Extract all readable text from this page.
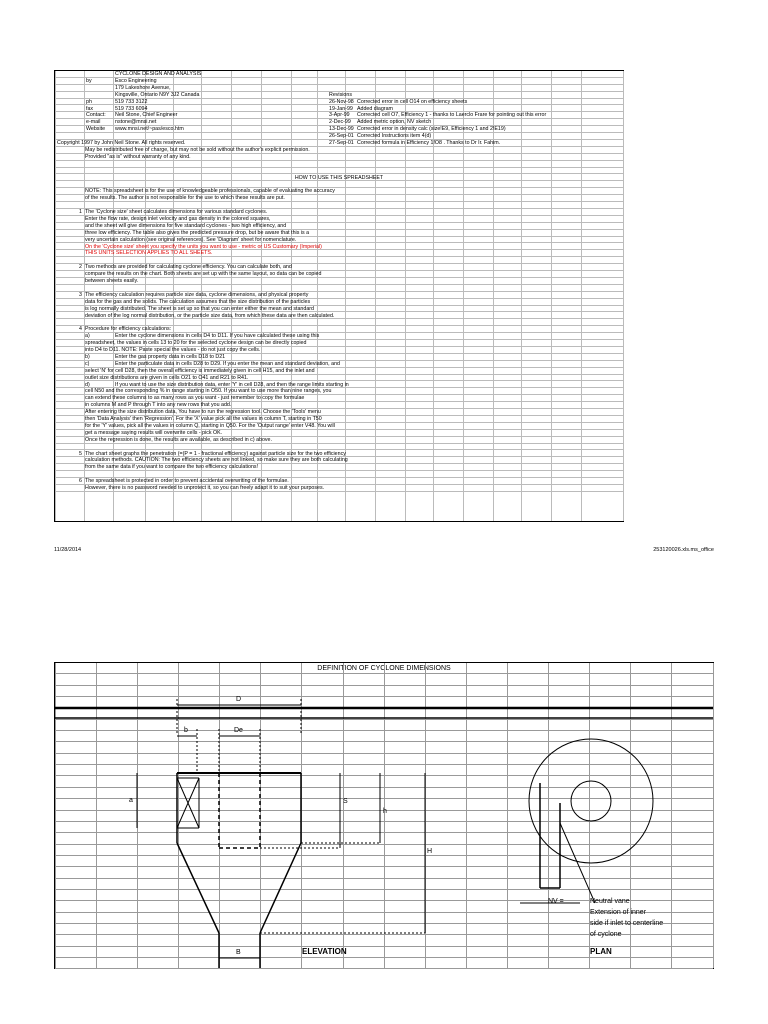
CYCLONE DESIGN AND ANALYSIS
by	Esco Engineering
179 Lakeshore Avenue,
Kingsville, Ontario N9Y 3J2 Canada	Revisions
ph	519 733 3122	26-Nov-98 Corrected error in cell O14 on efficiency sheets
fax	519 733 6094	19-Jan-99 Added diagram
Contact: Neil Stone, Chief Engineer	3-Apr-99 Corrected cell O7, Efficiency 1 - thanks to Laerclo Frare for pointing out this error
e-mail	nstone@mnsi.net	2-Dec-99 Added metric option, NV sketch
Website www.mnsi.net/~pas/esco.htm	13-Dec-99 Corrected error in density calc (size!E9, Efficiency 1 and 2!E19)
26-Sep-01 Corrected Instructions item 4(d)
Copyright 1997 by John Neil Stone. All rights reserved.	27-Sep-01 Corrected formula in Efficiency 1!O8 . Thanks to Dr Ir. Fahim.
May be redistributed free of charge, but may not be sold without the author's explicit permission.
Provided "as is" without warranty of any kind.
HOW TO USE THIS SPREADSHEET
NOTE: This spreadsheet is for the use of knowledgeable professionals, capable of evaluating the accuracy
of the results. The author is not responsible for the use to which these results are put.
1 The 'Cyclone size' sheet calculates dimensions for various standard cyclones.
Enter the flow rate, design inlet velocity and gas density in the colored squares,
and the sheet will give dimensions for five standard cyclones - two high efficiency, and
three low efficiency. The table also gives the predicted pressure drop, but be aware that this is a
very uncertain calculation (see original references). See 'Diagram' sheet for nomenclature.
On the 'Cyclone size' sheet you specify the units you want to use - metric or US Customary (Imperial)
THIS UNITS SELECTION APPLIES TO ALL SHEETS.
2 Two methods are provided for calculating cyclone efficiency. You can calculate both, and
compare the results on the chart. Both sheets are set up with the same layout, so data can be copied
between sheets easily.
3 The efficiency calculation requires particle size data, cyclone dimensions, and physical property
data for the gas and the solids. The calculation assumes that the size distribution of the particles
is log normally distributed. The sheet is set up so that you can enter either the mean and standard
deviation of the log normal distribution, or the particle size data, from which these data are then calculated.
4 Procedure for efficiency calculations:
a)	Enter the cyclone dimensions in cells D4 to D11. If you have calculated these using this
spreadsheet, the values in cells 13 to 20 for the selected cyclone design can be directly copied
into D4 to D11. NOTE: Paste special the values - do not just copy the cells.
b)	Enter the gas property data in cells D18 to D21
c)	Enter the particulate data in cells D28 to D29. If you enter the mean and standard deviation, and
select 'N' for cell D28, then the overall efficiency is immediately given in cell H15, and the inlet and
outlet size distributions are given in cells O21 to O41 and R21 to R41.
d)	If you want to use the size distribution data, enter 'Y' in cell D28, and then the range limits starting in
cell N50 and the corresponding % in range starting in O50. If you want to use more than nine ranges, you
can extend these columns to as many rows as you want - just remember to copy the formulae
in columns M and P through T into any new rows that you add.
After entering the size distribution data, You have to run the regression tool. Choose the 'Tools' menu
then 'Data Analysis' then 'Regression'. For the 'X' value pick all the values in column T, starting in T50
for the 'Y' values, pick all the values in column Q, starting in Q50. For the 'Output range' enter V48. You will
get a message saying results will overwrite cells - pick OK.
Once the regression is done, the results are available, as described in c) above.
5 The chart sheet graphs the penetration (=(P = 1 - fractional efficiency) against particle size for the two efficiency
calculation methods. CAUTION: The two efficiency sheets are not linked, so make sure they are both calculating
from the same data if you want to compare the two efficiency calculations!
6 The spreadsheet is protected in order to prevent accidental overwriting of the formulae.
However, there is no password needed to unprotect it, so you can freely adapt it to suit your purposes.
11/28/2014	253120026.xls.ms_office
DEFINITION OF CYCLONE DIMENSIONS
D
b	De
a	S
h
H
B	ELEVATION	PLAN
NV =	Neutral vane
Extension of inner
side if inlet to centerline
of cyclone
